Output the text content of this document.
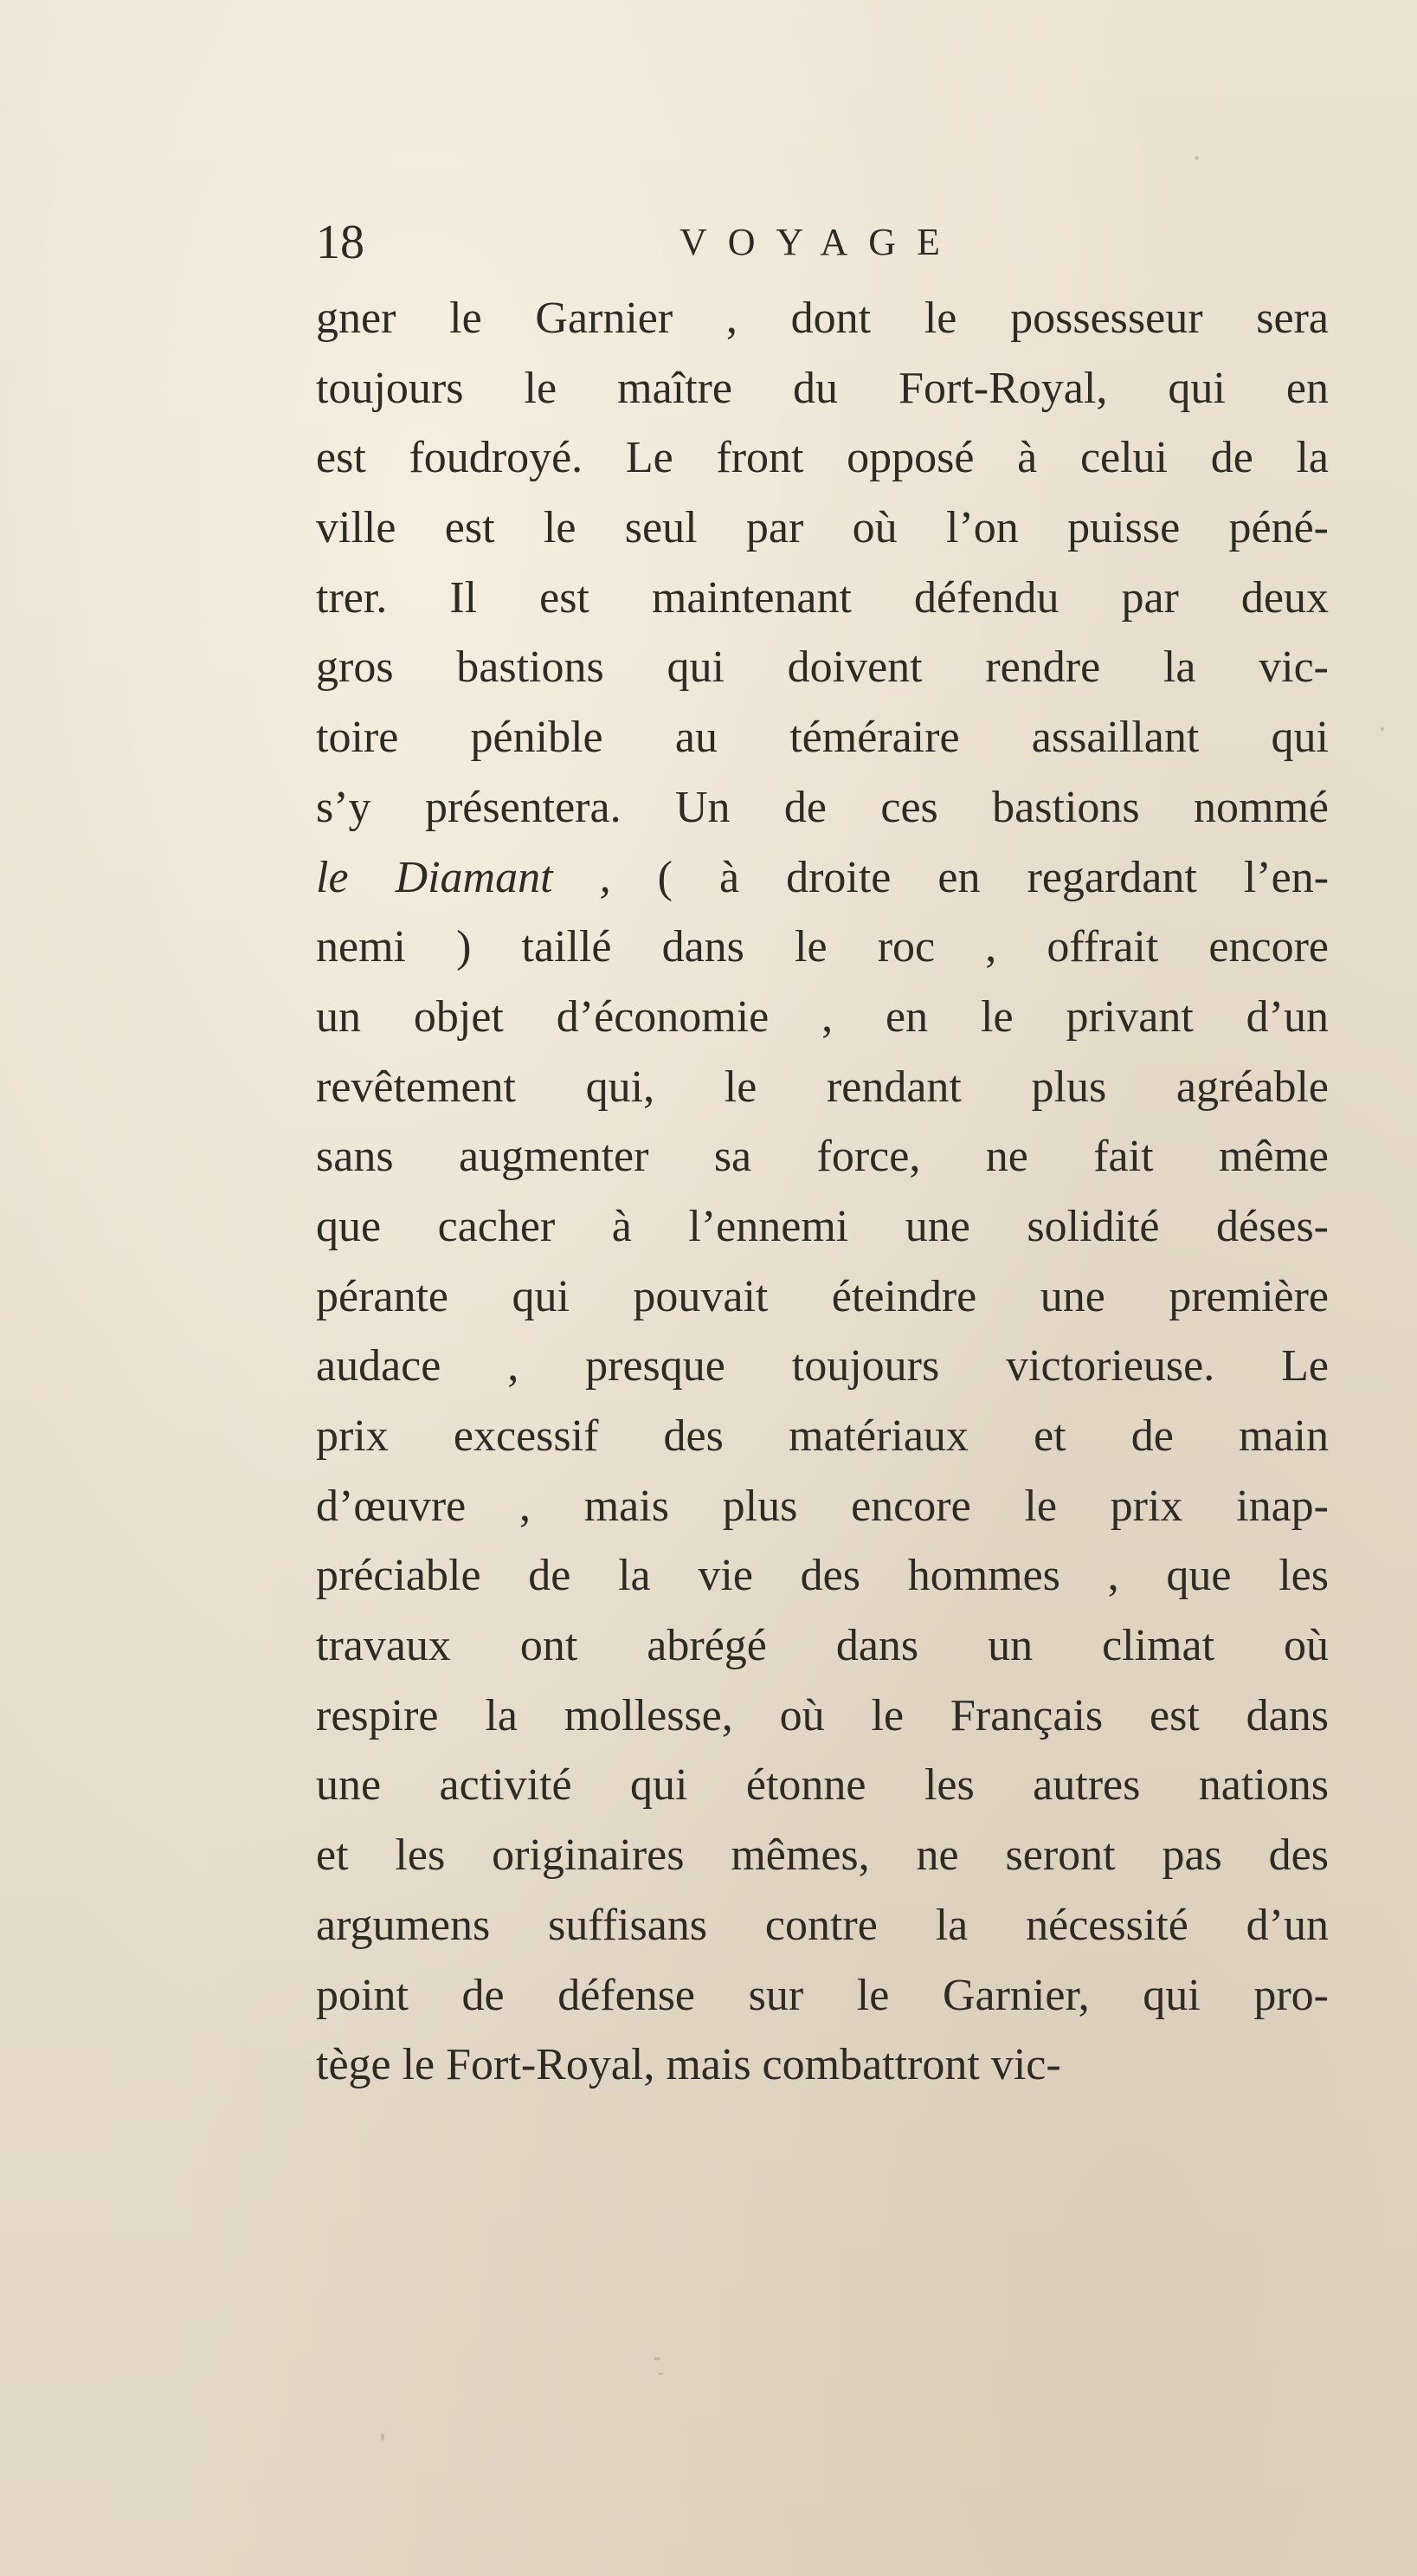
18	VOYAGE
gner le Garnier , dont le possesseur sera
toujours le maître du Fort-Royal, qui en
est foudroyé. Le front opposé à celui de la
ville est le seul par où l’on puisse péné-
trer. Il est maintenant défendu par deux
gros bastions qui doivent rendre la vic-
toire pénible au téméraire assaillant qui
s’y présentera. Un de ces bastions nommé
le Diamant , ( à droite en regardant l’en-
nemi ) taillé dans le roc , offrait encore
un objet d’économie , en le privant d’un
revêtement qui, le rendant plus agréable
sans augmenter sa force, ne fait même
que cacher à l’ennemi une solidité déses-
pérante qui pouvait éteindre une première
audace , presque toujours victorieuse. Le
prix excessif des matériaux et de main
d’œuvre , mais plus encore le prix inap-
préciable de la vie des hommes , que les
travaux ont abrégé dans un climat où
respire la mollesse, où le Français est dans
une activité qui étonne les autres nations
et les originaires mêmes, ne seront pas des
argumens suffisans contre la nécessité d’un
point de défense sur le Garnier, qui pro-
tège le Fort-Royal, mais combattront vic-
